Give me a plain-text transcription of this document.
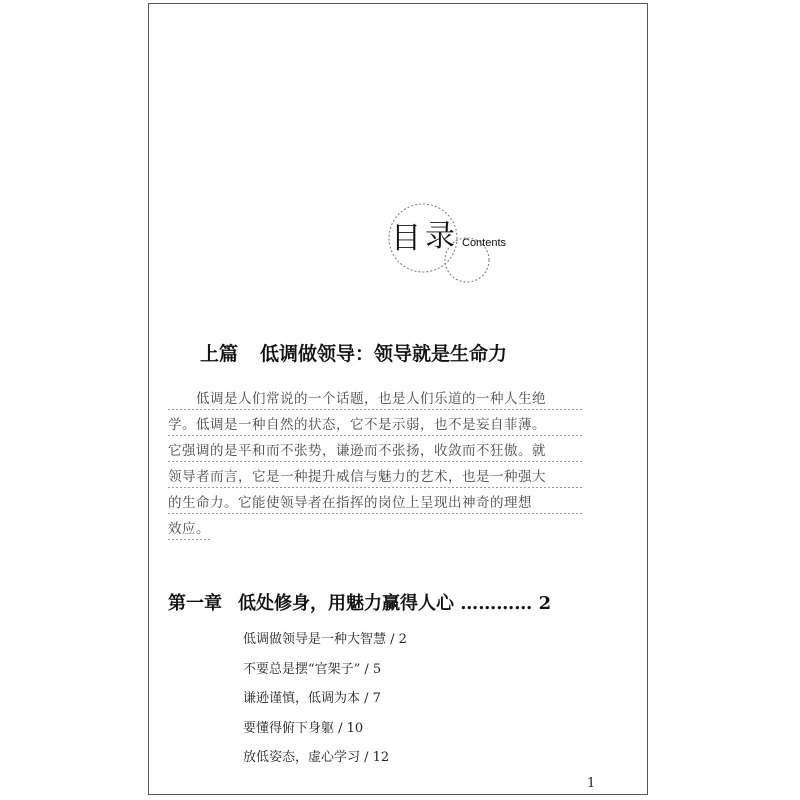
目 录 Contents
上篇 低调做领导：领导就是生命力
低调是人们常说的一个话题，也是人们乐道的一种人生绝
学。低调是一种自然的状态，它不是示弱，也不是妄自菲薄。
它强调的是平和而不张势，谦逊而不张扬，收敛而不狂傲。就
领导者而言，它是一种提升威信与魅力的艺术，也是一种强大
的生命力。它能使领导者在指挥的岗位上呈现出神奇的理想
效应。
第一章 低处修身，用魅力赢得人心 ………… 2
低调做领导是一种大智慧 / 2
不要总是摆“官架子” / 5
谦逊谨慎，低调为本 / 7
要懂得俯下身躯 / 10
放低姿态，虚心学习 / 12
1
